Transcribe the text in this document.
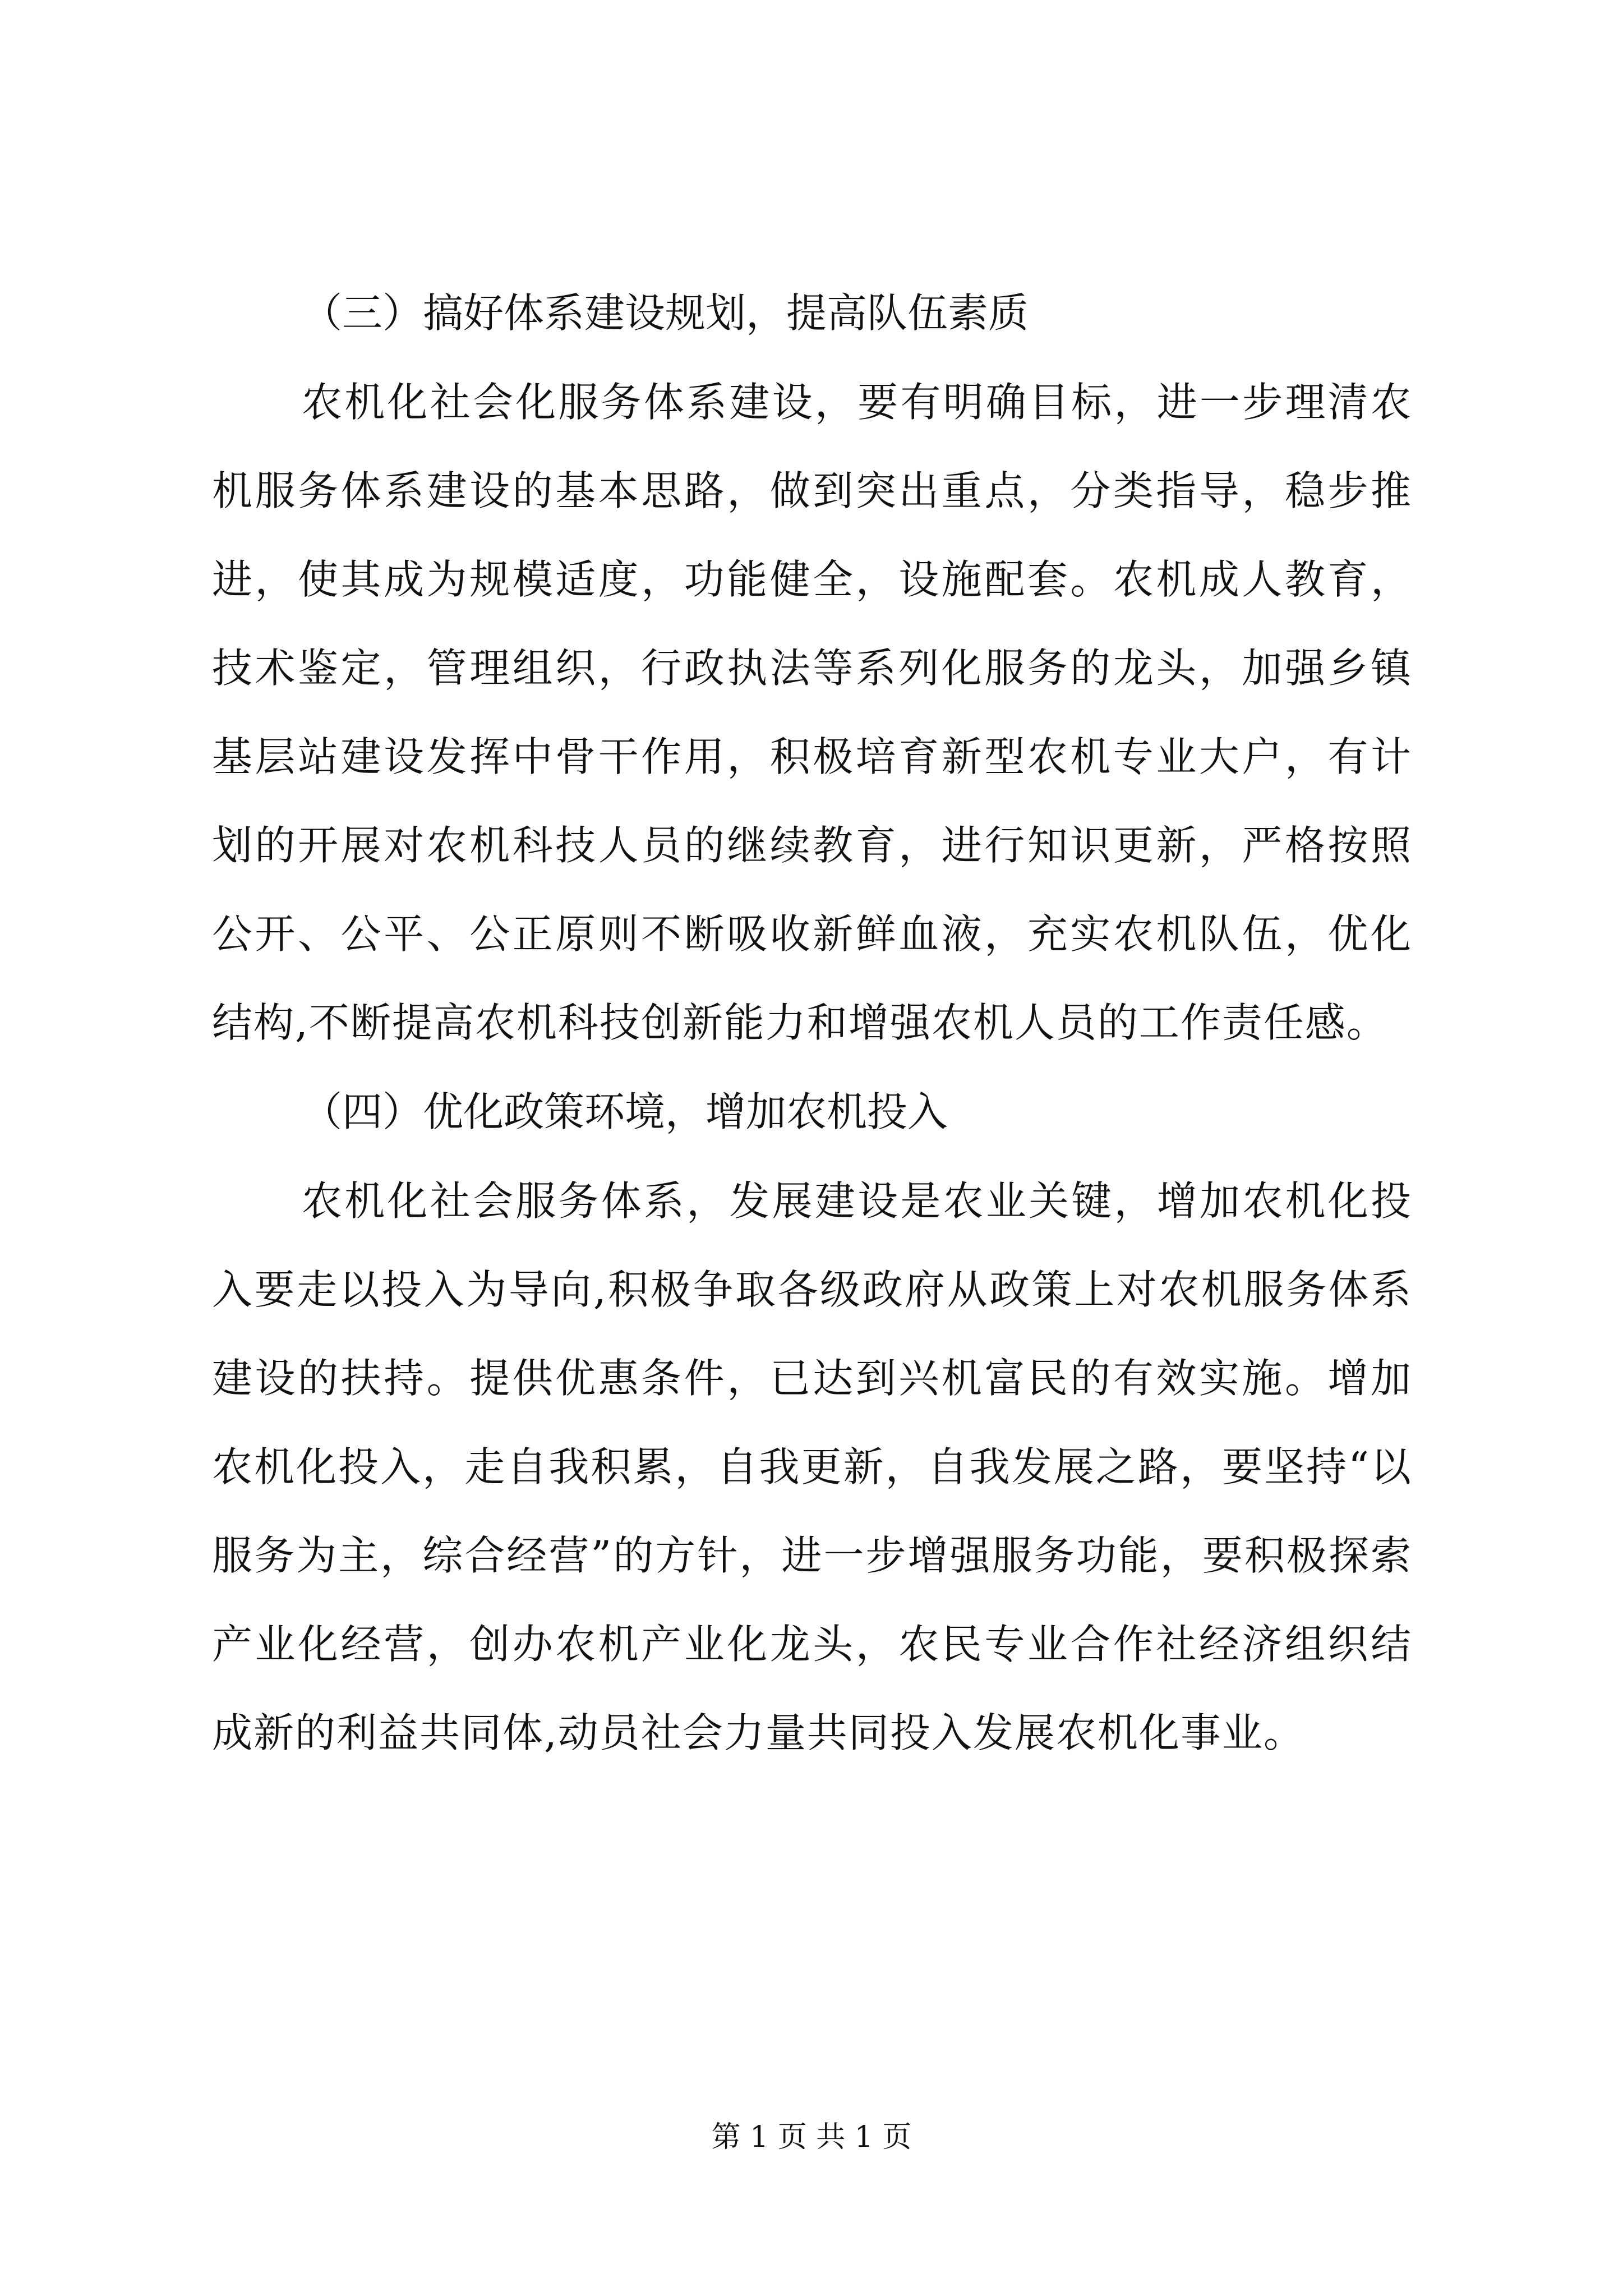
（三）搞好体系建设规划，提高队伍素质
农机化社会化服务体系建设，要有明确目标，进一步理清农机服务体系建设的基本思路，做到突出重点，分类指导，稳步推进，使其成为规模适度，功能健全，设施配套。农机成人教育，技术鉴定，管理组织，行政执法等系列化服务的龙头，加强乡镇基层站建设发挥中骨干作用，积极培育新型农机专业大户，有计划的开展对农机科技人员的继续教育，进行知识更新，严格按照公开、公平、公正原则不断吸收新鲜血液，充实农机队伍，优化结构,不断提高农机科技创新能力和增强农机人员的工作责任感。
（四）优化政策环境，增加农机投入
农机化社会服务体系，发展建设是农业关键，增加农机化投入要走以投入为导向,积极争取各级政府从政策上对农机服务体系建设的扶持。提供优惠条件，已达到兴机富民的有效实施。增加农机化投入，走自我积累，自我更新，自我发展之路，要坚持“以服务为主，综合经营”的方针，进一步增强服务功能，要积极探索产业化经营，创办农机产业化龙头，农民专业合作社经济组织结成新的利益共同体,动员社会力量共同投入发展农机化事业。
第 1 页 共 1 页
